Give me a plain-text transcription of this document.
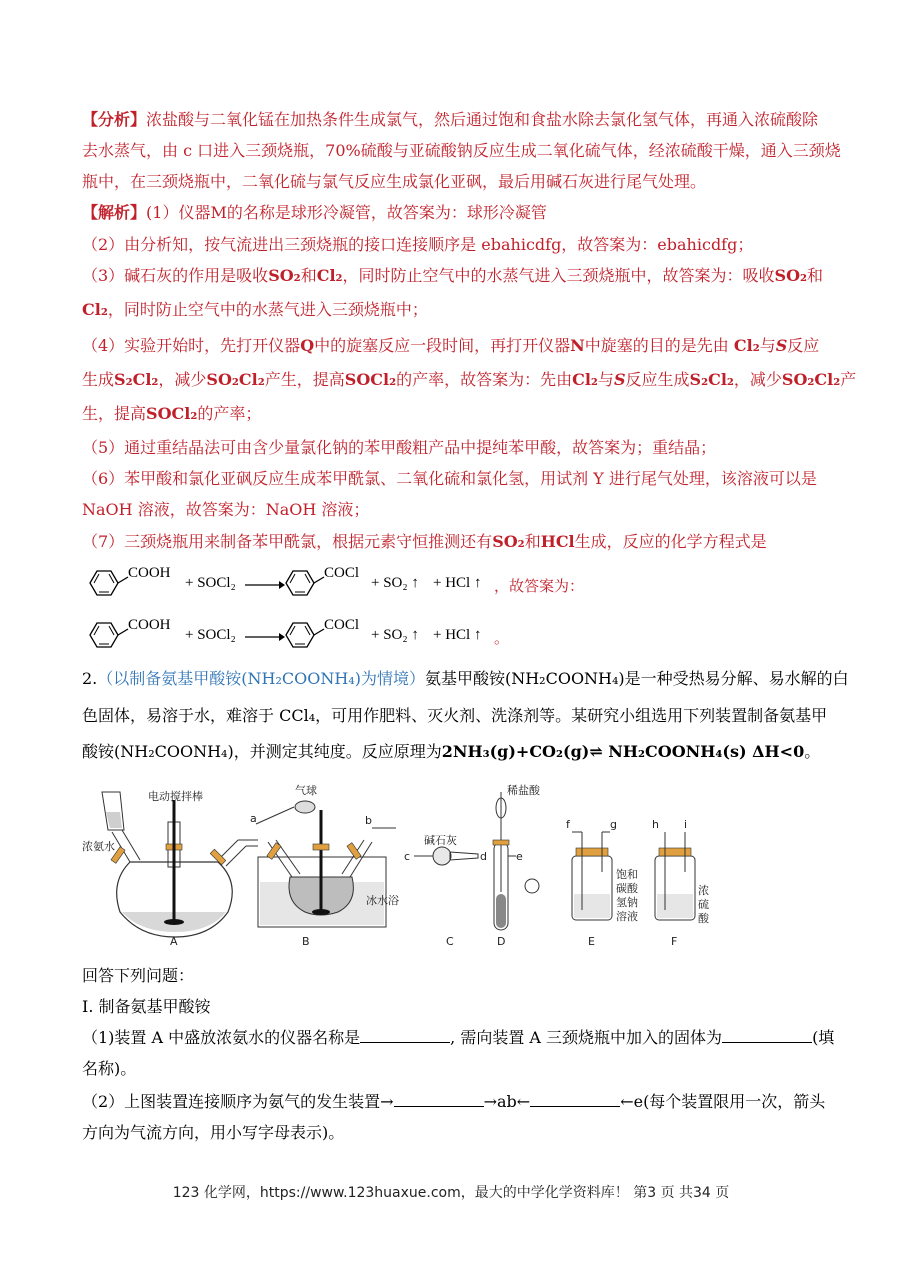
【分析】浓盐酸与二氧化锰在加热条件生成氯气，然后通过饱和食盐水除去氯化氢气体，再通入浓硫酸除
去水蒸气，由 c 口进入三颈烧瓶，70%硫酸与亚硫酸钠反应生成二氧化硫气体，经浓硫酸干燥，通入三颈烧
瓶中，在三颈烧瓶中，二氧化硫与氯气反应生成氯化亚砜，最后用碱石灰进行尾气处理。
【解析】(1）仪器M的名称是球形冷凝管，故答案为：球形冷凝管
（2）由分析知，按气流进出三颈烧瓶的接口连接顺序是 ebahicdfg，故答案为：ebahicdfg；
（3）碱石灰的作用是吸收SO₂和Cl₂，同时防止空气中的水蒸气进入三颈烧瓶中，故答案为：吸收SO₂和
Cl₂，同时防止空气中的水蒸气进入三颈烧瓶中；
（4）实验开始时，先打开仪器Q中的旋塞反应一段时间，再打开仪器N中旋塞的目的是先由 Cl₂与S反应
生成S₂Cl₂，减少SO₂Cl₂产生，提高SOCl₂的产率，故答案为：先由Cl₂与S反应生成S₂Cl₂，减少SO₂Cl₂产
生，提高SOCl₂的产率；
（5）通过重结晶法可由含少量氯化钠的苯甲酸粗产品中提纯苯甲酸，故答案为；重结晶；
（6）苯甲酸和氯化亚砜反应生成苯甲酰氯、二氧化硫和氯化氢，用试剂 Y 进行尾气处理，该溶液可以是
NaOH 溶液，故答案为：NaOH 溶液；
（7）三颈烧瓶用来制备苯甲酰氯，根据元素守恒推测还有SO₂和HCl生成，反应的化学方程式是
COOH
+ SOCl₂ →
COCl
+ SO₂ ↑ + HCl ↑ ，故答案为：
COOH
+ SOCl₂ →
COCl
+ SO₂ ↑ + HCl ↑ 。
2.（以制备氨基甲酸铵(NH₂COONH₄)为情境）氨基甲酸铵(NH₂COONH₄)是一种受热易分解、易水解的白
色固体，易溶于水，难溶于 CCl₄，可用作肥料、灭火剂、洗涤剂等。某研究小组选用下列装置制备氨基甲
酸铵(NH₂COONH₄)，并测定其纯度。反应原理为2NH₃(g)+CO₂(g)⇌ NH₂COONH₄(s) ΔH<0。
电动搅拌棒
浓氨水
A
a	b
气球
冰水浴
B
碱石灰
c	d
C
稀盐酸
e
D
f	g
饱和
碳酸
氢钠
溶液
E
h i
浓
硫
酸
F
回答下列问题：
I. 制备氨基甲酸铵
（1)装置 A 中盛放浓氨水的仪器名称是	, 需向装置 A 三颈烧瓶中加入的固体为	(填
名称)。
（2）上图装置连接顺序为氨气的发生装置→	→ab←	←e(每个装置限用一次，箭头
方向为气流方向，用小写字母表示)。
123 化学网，https://www.123huaxue.com，最大的中学化学资料库！ 第3 页 共34 页
